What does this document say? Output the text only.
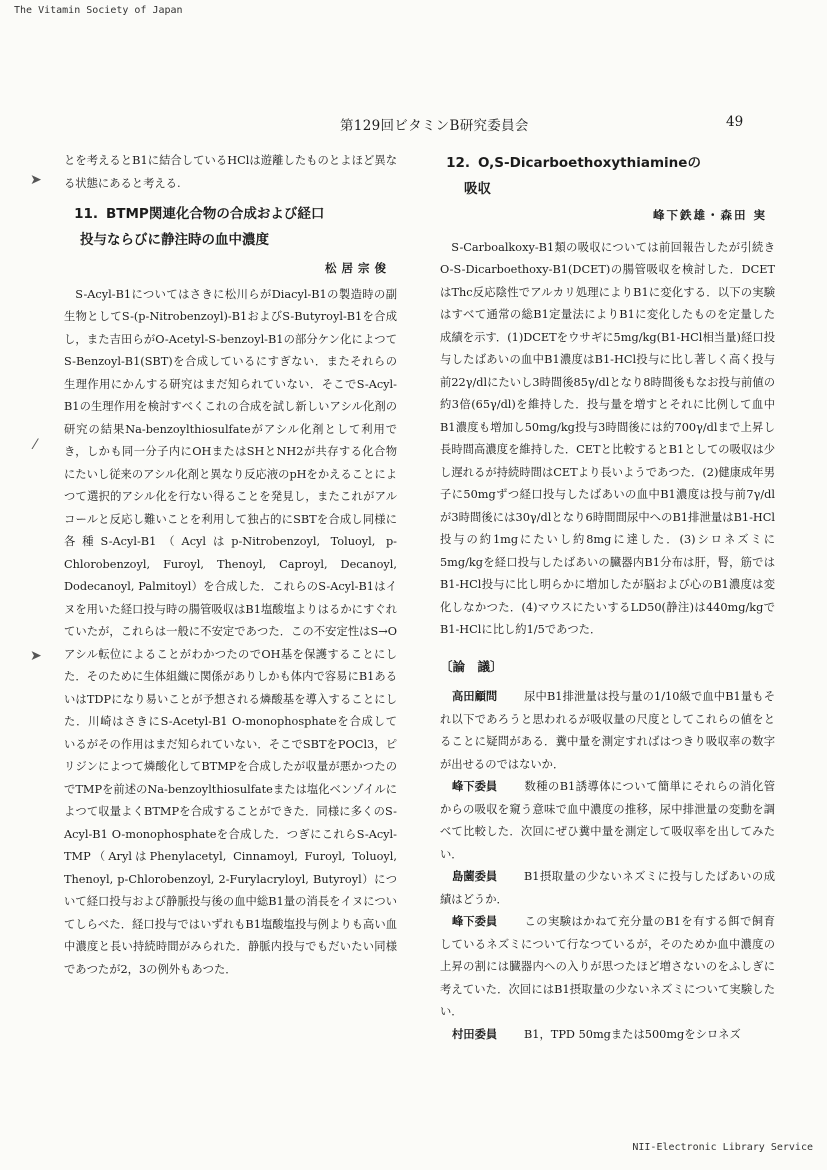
The Vitamin Society of Japan
第129回ビタミンB研究委員会	49

とを考えるとB1に結合しているHClは遊離したものとよほど異なる状態にあると考える.

11. BTMP関連化合物の合成および経口
投与ならびに静注時の血中濃度
松居宗俊

S-Acyl-B1についてはさきに松川らがDiacyl-B1の製造時の副生物としてS-(p-Nitrobenzoyl)-B1およびS-Butyroyl-B1を合成し，また吉田らがO-Acetyl-S-benzoyl-B1の部分ケン化によつてS-Benzoyl-B1(SBT)を合成しているにすぎない．またそれらの生理作用にかんする研究はまだ知られていない．そこでS-Acyl-B1の生理作用を検討すべくこれの合成を試し新しいアシル化剤の研究の結果Na-benzoylthiosulfateがアシル化剤として利用でき，しかも同一分子内にOHまたはSHとNH2が共存する化合物にたいし従来のアシル化剤と異なり反応液のpHをかえることによつて選択的アシル化を行ない得ることを発見し，またこれがアルコールと反応し難いことを利用して独占的にSBTを合成し同様に各種S-Acyl-B1（Acylはp-Nitrobenzoyl, Toluoyl, p-Chlorobenzoyl, Furoyl, Thenoyl, Caproyl, Decanoyl, Dodecanoyl, Palmitoyl）を合成した．これらのS-Acyl-B1はイヌを用いた経口投与時の腸管吸収はB1塩酸塩よりはるかにすぐれていたが，これらは一般に不安定であつた．この不安定性はS→Oアシル転位によることがわかつたのでOH基を保護することにした．そのために生体組織に関係がありしかも体内で容易にB1あるいはTDPになり易いことが予想される燐酸基を導入することにした．川崎はさきにS-Acetyl-B1 O-monophosphateを合成しているがその作用はまだ知られていない．そこでSBTをPOCl3，ピリジンによつて燐酸化してBTMPを合成したが収量が悪かつたのでTMPを前述のNa-benzoylthiosulfateまたは塩化ベンゾイルによつて収量よくBTMPを合成することができた．同様に多くのS-Acyl-B1 O-monophosphateを合成した．つぎにこれらS-Acyl-TMP（ArylはPhenylacetyl, Cinnamoyl, Furoyl, Toluoyl, Thenoyl, p-Chlorobenzoyl, 2-Furylacryloyl, Butyroyl）について経口投与および静脈投与後の血中総B1量の消長をイヌについてしらべた．経口投与ではいずれもB1塩酸塩投与例よりも高い血中濃度と長い持続時間がみられた．静脈内投与でもだいたい同様であつたが2，3の例外もあつた．

12. O,S-Dicarboethoxythiamineの
吸収
峰下鉄雄・森田 実

S-Carboalkoxy-B1類の吸収については前回報告したが引続きO-S-Dicarboethoxy-B1(DCET)の腸管吸収を検討した．DCETはThc反応陰性でアルカリ処理によりB1に変化する．以下の実験はすべて通常の総B1定量法によりB1に変化したものを定量した成績を示す．(1)DCETをウサギに5mg/kg(B1-HCl相当量)経口投与したばあいの血中B1濃度はB1-HCl投与に比し著しく高く投与前22γ/dlにたいし3時間後85γ/dlとなり8時間後もなお投与前値の約3倍(65γ/dl)を維持した．投与量を増すとそれに比例して血中B1濃度も増加し50mg/kg投与3時間後には約700γ/dlまで上昇し長時間高濃度を維持した．CETと比較するとB1としての吸収は少し遅れるが持続時間はCETより長いようであつた．(2)健康成年男子に50mgずつ経口投与したばあいの血中B1濃度は投与前7γ/dlが3時間後には30γ/dlとなり6時間間尿中へのB1排泄量はB1-HCl投与の約1mgにたいし約8mgに達した．(3)シロネズミに5mg/kgを経口投与したばあいの臓器内B1分布は肝，腎，筋ではB1-HCl投与に比し明らかに増加したが脳および心のB1濃度は変化しなかつた．(4)マウスにたいするLD50(静注)は440mg/kgでB1-HClに比し約1/5であつた．

〔論　議〕

高田顧問 尿中B1排泄量は投与量の1/10級で血中B1量もそれ以下であろうと思われるが吸収量の尺度としてこれらの値をとることに疑問がある．糞中量を測定すればはつきり吸収率の数字が出せるのではないか．

峰下委員 数種のB1誘導体について簡単にそれらの消化管からの吸収を窺う意味で血中濃度の推移，尿中排泄量の変動を調べて比較した．次回にぜひ糞中量を測定して吸収率を出してみたい．

島薗委員 B1摂取量の少ないネズミに投与したばあいの成績はどうか．

峰下委員 この実験はかねて充分量のB1を有する餌で飼育しているネズミについて行なつているが，そのためか血中濃度の上昇の割には臓器内への入りが思つたほど増さないのをふしぎに考えていた．次回にはB1摂取量の少ないネズミについて実験したい．

村田委員 B1，TPD 50mgまたは500mgをシロネズ

➤
⁄
➤
NII-Electronic Library Service
